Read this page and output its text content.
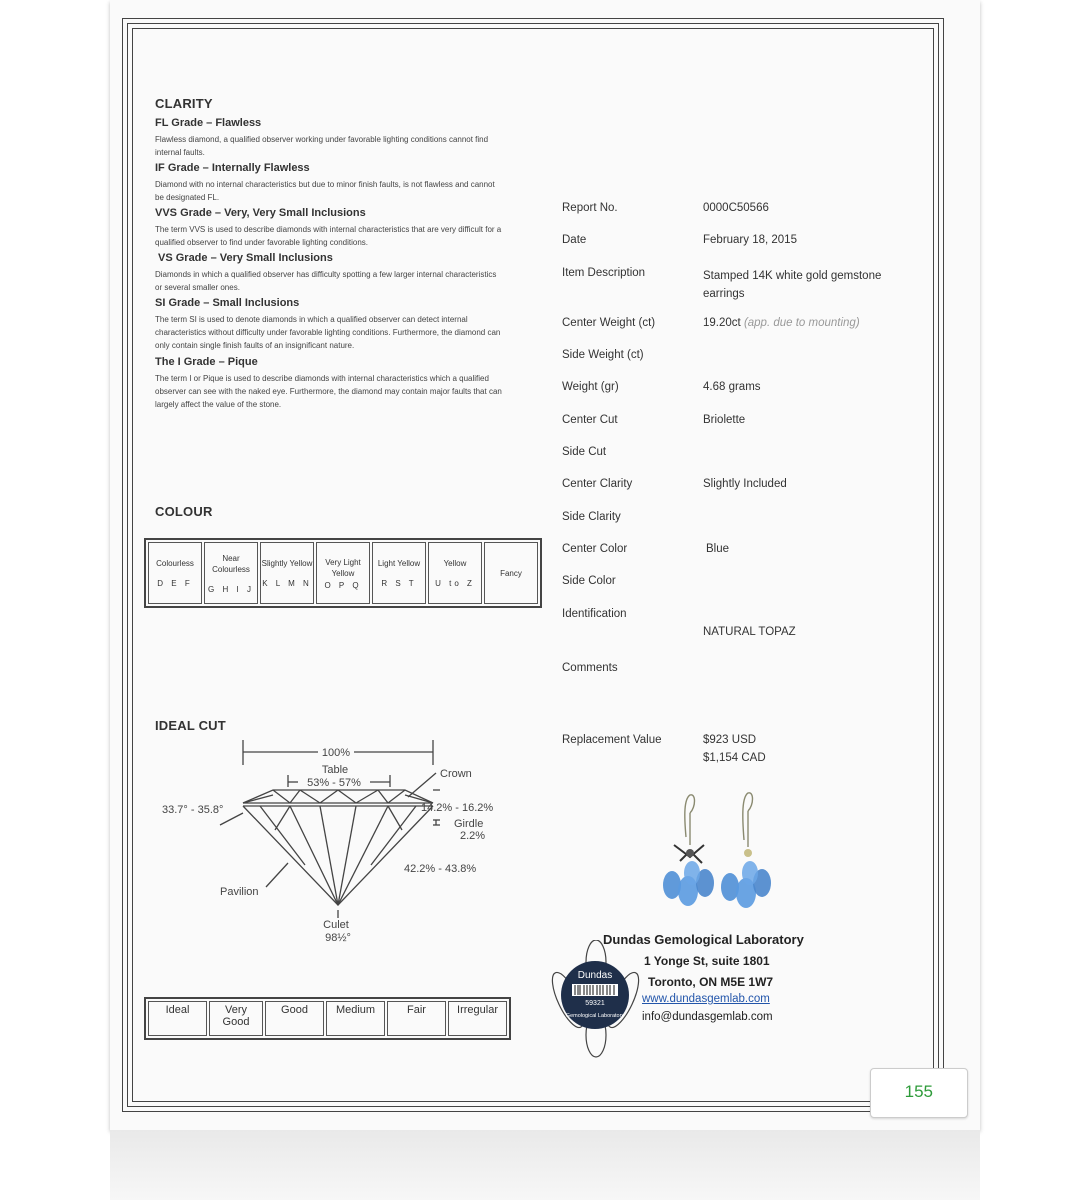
CLARITY
FL Grade – Flawless
Flawless diamond, a qualified observer working under favorable lighting conditions cannot find internal faults.
IF Grade – Internally Flawless
Diamond with no internal characteristics but due to minor finish faults, is not flawless and cannot be designated FL.
VVS Grade – Very, Very Small Inclusions
The term VVS is used to describe diamonds with internal characteristics that are very difficult for a qualified observer to find under favorable lighting conditions.
VS Grade – Very Small Inclusions
Diamonds in which a qualified observer has difficulty spotting a few larger internal characteristics or several smaller ones.
SI Grade – Small Inclusions
The term SI is used to denote diamonds in which a qualified observer can detect internal characteristics without difficulty under favorable lighting conditions. Furthermore, the diamond can only contain single finish faults of an insignificant nature.
The I Grade – Pique
The term I or Pique is used to describe diamonds with internal characteristics which a qualified observer can see with the naked eye. Furthermore, the diamond may contain major faults that can largely affect the value of the stone.
COLOUR
Colourless
D E F

Near Colourless
G H I J

Slightly Yellow
K L M N

Very Light Yellow
O P Q

Light Yellow
R S T

Yellow
U to Z

Fancy
IDEAL CUT
100%
Table
53% - 57%
Crown
33.7° - 35.8°	14.2% - 16.2%
Girdle
2.2%
42.2% - 43.8%
Pavilion
Culet
98½°
Ideal	Very Good	Good	Medium	Fair	Irregular
Report No.	0000C50566
Date	February 18, 2015
Item Description	Stamped 14K white gold gemstone earrings
Center Weight (ct)	19.20ct (app. due to mounting)
Side Weight (ct)
Weight (gr)	4.68 grams
Center Cut	Briolette
Side Cut
Center Clarity	Slightly Included
Side Clarity
Center Color	Blue
Side Color
Identification
NATURAL TOPAZ
Comments
Replacement Value	$923 USD
$1,154 CAD
Dundas
59321
Gemological Laboratory
Dundas Gemological Laboratory
1 Yonge St, suite 1801
Toronto, ON M5E 1W7
www.dundasgemlab.com
info@dundasgemlab.com
155
